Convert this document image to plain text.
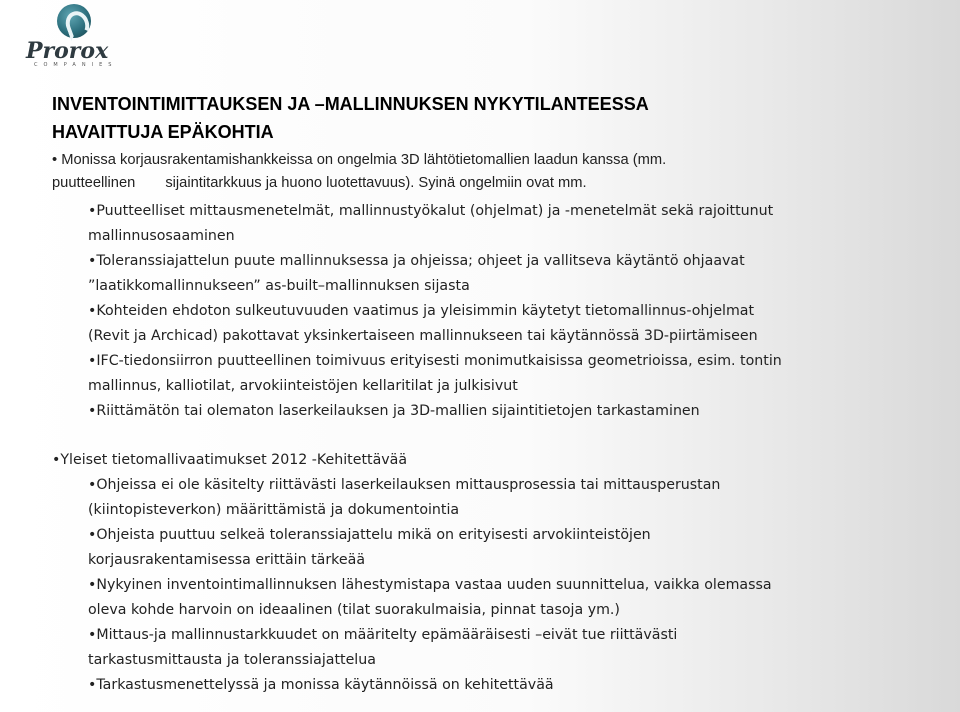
Prorox
COMPANIES
INVENTOINTIMITTAUKSEN JA –MALLINNUKSEN NYKYTILANTEESSA
HAVAITTUJA EPÄKOHTIA
• Monissa korjausrakentamishankkeissa on ongelmia 3D lähtötietomallien laadun kanssa (mm.
puutteellinen sijaintitarkkuus ja huono luotettavuus). Syinä ongelmiin ovat mm.
•Puutteelliset mittausmenetelmät, mallinnustyökalut (ohjelmat) ja -menetelmät sekä rajoittunut
mallinnusosaaminen
•Toleranssiajattelun puute mallinnuksessa ja ohjeissa; ohjeet ja vallitseva käytäntö ohjaavat
”laatikkomallinnukseen” as-built–mallinnuksen sijasta
•Kohteiden ehdoton sulkeutuvuuden vaatimus ja yleisimmin käytetyt tietomallinnus-ohjelmat
(Revit ja Archicad) pakottavat yksinkertaiseen mallinnukseen tai käytännössä 3D-piirtämiseen
•IFC-tiedonsiirron puutteellinen toimivuus erityisesti monimutkaisissa geometrioissa, esim. tontin
mallinnus, kalliotilat, arvokiinteistöjen kellaritilat ja julkisivut
•Riittämätön tai olematon laserkeilauksen ja 3D-mallien sijaintitietojen tarkastaminen
•Yleiset tietomallivaatimukset 2012 -Kehitettävää
•Ohjeissa ei ole käsitelty riittävästi laserkeilauksen mittausprosessia tai mittausperustan
(kiintopisteverkon) määrittämistä ja dokumentointia
•Ohjeista puuttuu selkeä toleranssiajattelu mikä on erityisesti arvokiinteistöjen
korjausrakentamisessa erittäin tärkeää
•Nykyinen inventointimallinnuksen lähestymistapa vastaa uuden suunnittelua, vaikka olemassa
oleva kohde harvoin on ideaalinen (tilat suorakulmaisia, pinnat tasoja ym.)
•Mittaus-ja mallinnustarkkuudet on määritelty epämääräisesti –eivät tue riittävästi
tarkastusmittausta ja toleranssiajattelua
•Tarkastusmenettelyssä ja monissa käytännöissä on kehitettävää
